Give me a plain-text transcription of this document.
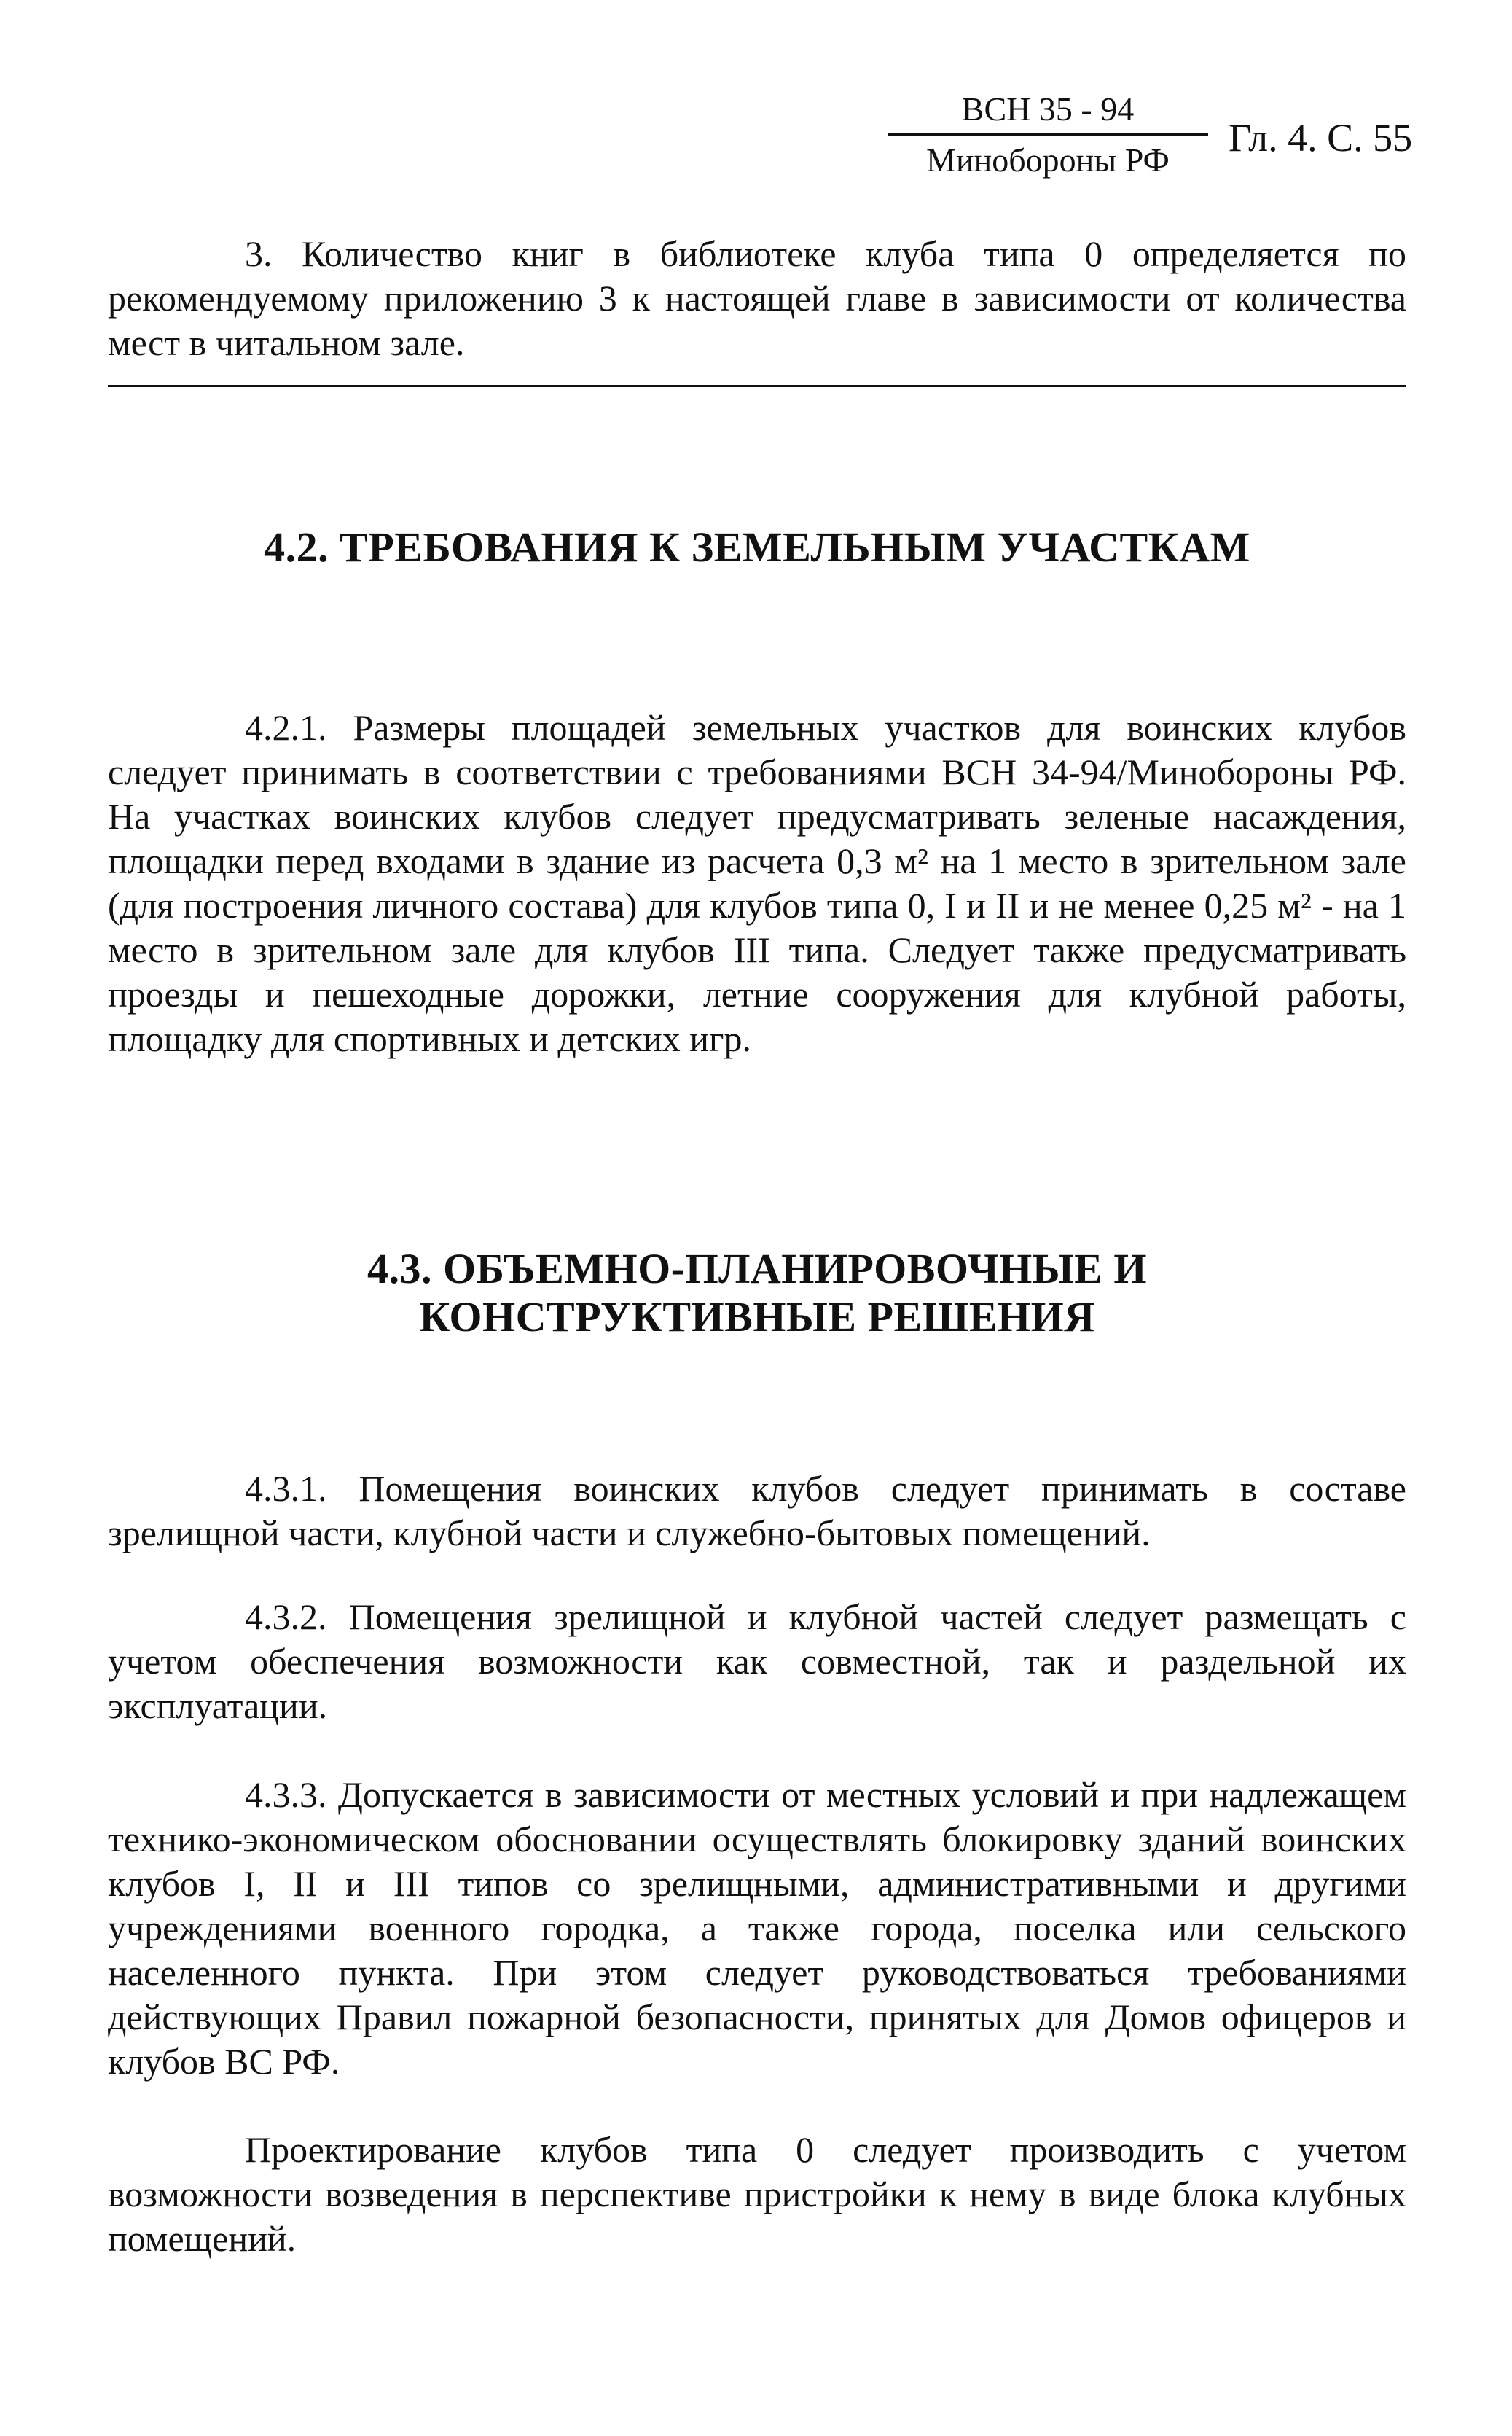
ВСН 35 - 94
Минобороны РФ
Гл. 4. С. 55

3. Количество книг в библиотеке клуба типа 0 определяется по рекомендуемому приложению 3 к настоящей главе в зависимости от количества мест в читальном зале.

4.2. ТРЕБОВАНИЯ К ЗЕМЕЛЬНЫМ УЧАСТКАМ

4.2.1. Размеры площадей земельных участков для воинских клубов следует принимать в соответствии с требованиями ВСН 34-94/Минобороны РФ. На участках воинских клубов следует предусматривать зеленые насаждения, площадки перед входами в здание из расчета 0,3 м² на 1 место в зрительном зале (для построения личного состава) для клубов типа 0, I и II и не менее 0,25 м² - на 1 место в зрительном зале для клубов III типа. Следует также предусматривать проезды и пешеходные дорожки, летние сооружения для клубной работы, площадку для спортивных и детских игр.

4.3. ОБЪЕМНО-ПЛАНИРОВОЧНЫЕ И
КОНСТРУКТИВНЫЕ РЕШЕНИЯ

4.3.1. Помещения воинских клубов следует принимать в составе зрелищной части, клубной части и служебно-бытовых помещений.

4.3.2. Помещения зрелищной и клубной частей следует размещать с учетом обеспечения возможности как совместной, так и раздельной их эксплуатации.

4.3.3. Допускается в зависимости от местных условий и при надлежащем технико-экономическом обосновании осуществлять блокировку зданий воинских клубов I, II и III типов со зрелищными, административными и другими учреждениями военного городка, а также города, поселка или сельского населенного пункта. При этом следует руководствоваться требованиями действующих Правил пожарной безопасности, принятых для Домов офицеров и клубов ВС РФ.

Проектирование клубов типа 0 следует производить с учетом возможности возведения в перспективе пристройки к нему в виде блока клубных помещений.
